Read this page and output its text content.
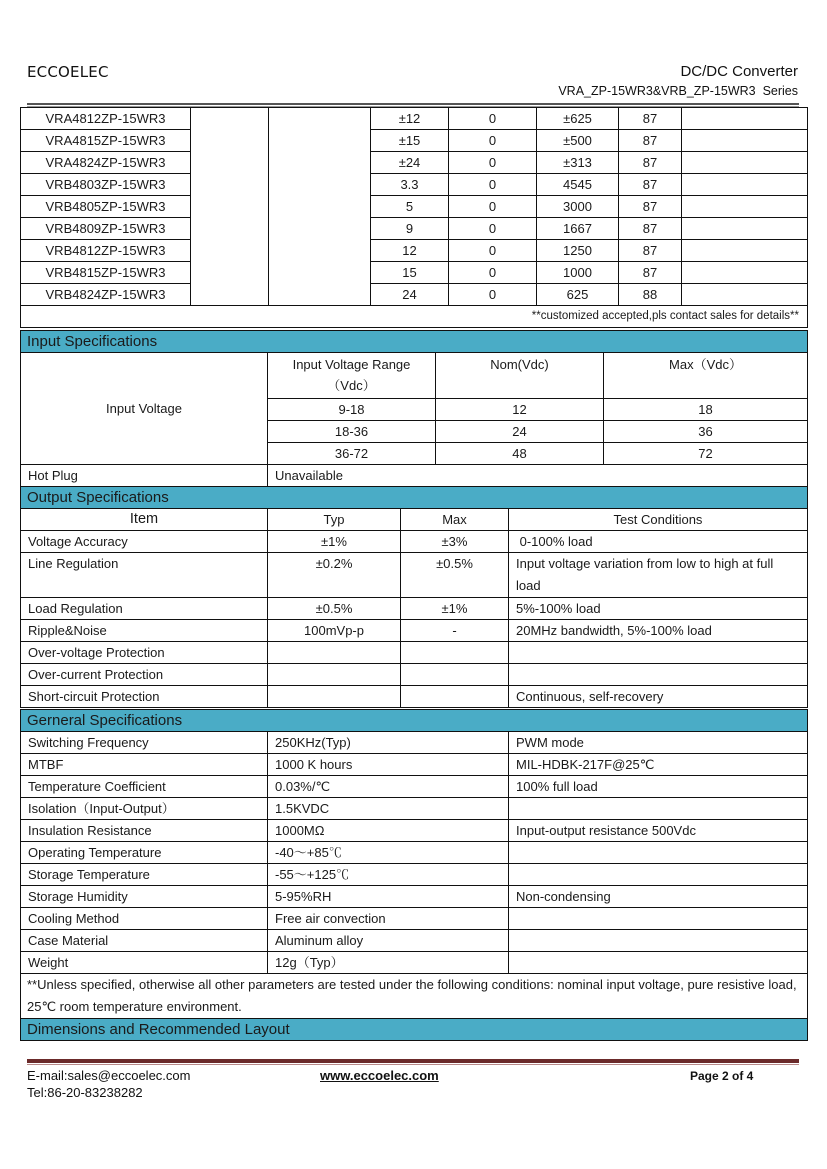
ECCOELEC	DC/DC Converter
VRA_ZP-15WR3&VRB_ZP-15WR3  Series
VRA4812ZP-15WR3			±12	0	±625	87	
VRA4815ZP-15WR3			±15	0	±500	87	
VRA4824ZP-15WR3			±24	0	±313	87	
VRB4803ZP-15WR3			3.3	0	4545	87	
VRB4805ZP-15WR3			5	0	3000	87	
VRB4809ZP-15WR3			9	0	1667	87	
VRB4812ZP-15WR3			12	0	1250	87	
VRB4815ZP-15WR3			15	0	1000	87	
VRB4824ZP-15WR3			24	0	625	88	
**customized accepted,pls contact sales for details**							
Input Specifications			
Input Voltage	Input Voltage Range（Vdc）	Nom(Vdc)	Max（Vdc）
	9-18	12	18
	18-36	24	36
	36-72	48	72
Hot Plug	Unavailable		
Output Specifications			
Item	Typ	Max	Test Conditions
Voltage Accuracy	±1%	±3%	0-100% load
Line Regulation	±0.2%	±0.5%	Input voltage variation from low to high at full load
Load Regulation	±0.5%	±1%	5%-100% load
Ripple&Noise	100mVp-p	-	20MHz bandwidth, 5%-100% load
Over-voltage Protection			
Over-current Protection			
Short-circuit Protection			Continuous, self-recovery
Gerneral Specifications		
Switching Frequency	250KHz(Typ)	PWM mode
MTBF	1000 K hours	MIL-HDBK-217F@25℃
Temperature Coefficient	0.03%/℃	100% full load
Isolation（Input-Output）	1.5KVDC	
Insulation Resistance	1000MΩ	Input-output resistance 500Vdc
Operating Temperature	-40～+85℃	
Storage Temperature	-55～+125℃	
Storage Humidity	5-95%RH	Non-condensing
Cooling Method	Free air convection	
Case Material	Aluminum alloy	
Weight	12g（Typ）	
**Unless specified, otherwise all other parameters are tested under the following conditions: nominal input voltage, pure resistive load, 25℃ room temperature environment.		
Dimensions and Recommended Layout		
E-mail:sales@eccoelec.com
Tel:86-20-83238282
www.eccoelec.com	Page 2 of 4
